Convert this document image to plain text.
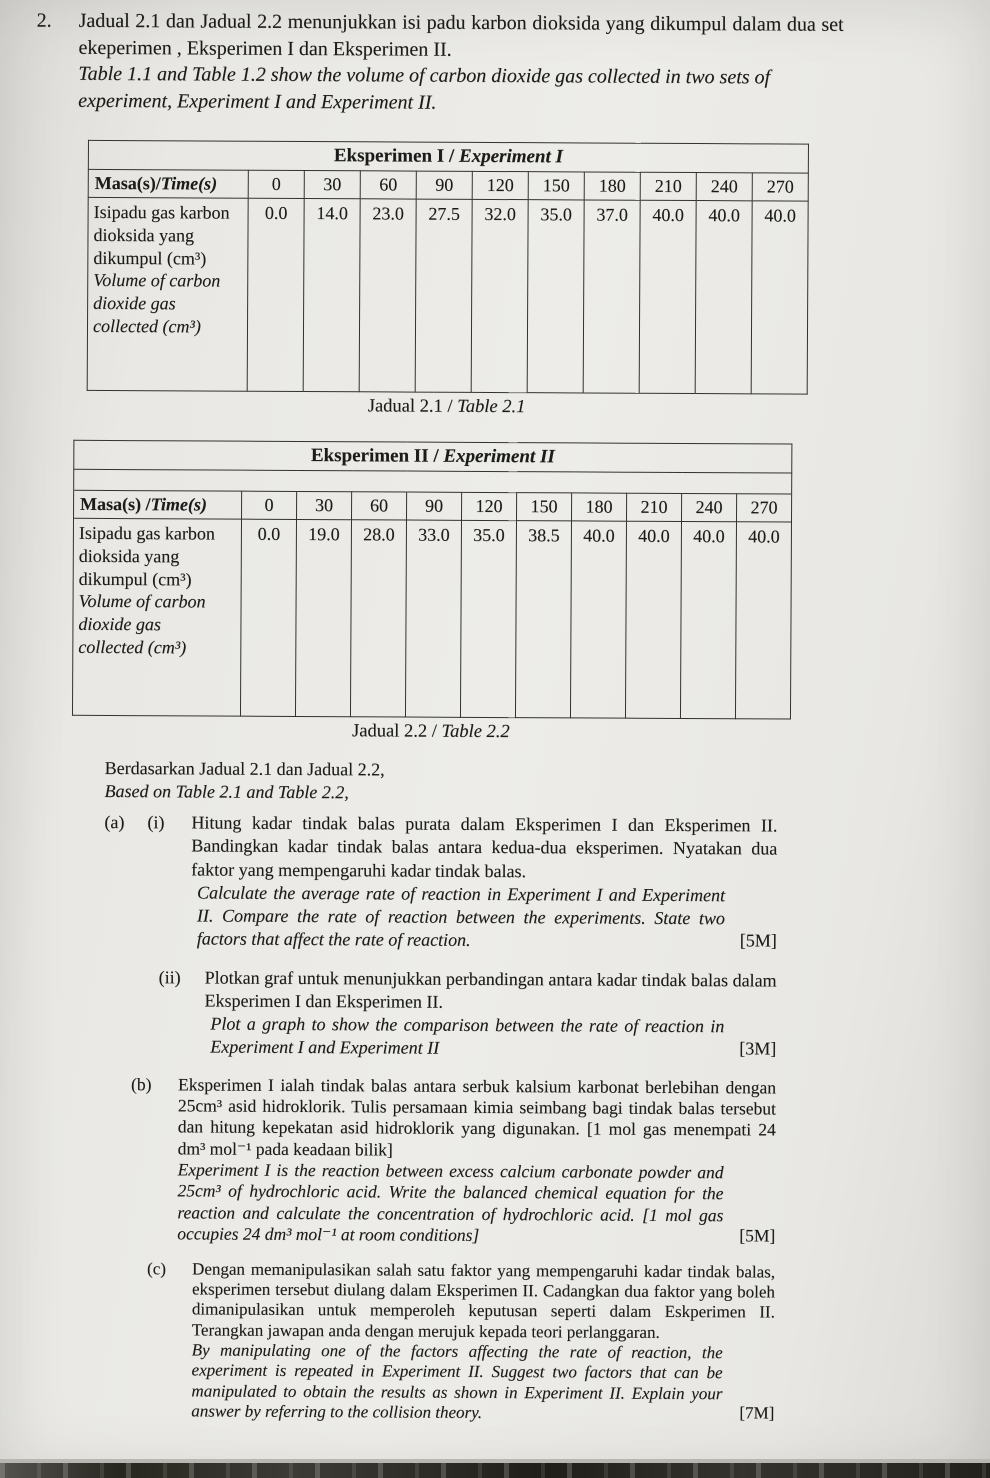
2.	Jadual 2.1 dan Jadual 2.2 menunjukkan isi padu karbon dioksida yang dikumpul dalam dua set ekeperimen , Eksperimen I dan Eksperimen II.
Table 1.1 and Table 1.2 show the volume of carbon dioxide gas collected in two sets of experiment, Experiment I and Experiment II.
Eksperimen I / Experiment I										
Masa(s)/Time(s)	0	30	60	90	120	150	180	210	240	270

Isipadu gas karbon dioksida yang dikumpul (cm³)
Volume of carbon dioxide gas collected (cm³)	0.0	14.0	23.0	27.5	32.0	35.0	37.0	40.0	40.0	40.0
Jadual 2.1 / Table 2.1
Eksperimen II / Experiment II										

Masa(s) /Time(s)	0	30	60	90	120	150	180	210	240	270

Isipadu gas karbon dioksida yang dikumpul (cm³)
Volume of carbon dioxide gas collected (cm³)	0.0	19.0	28.0	33.0	35.0	38.5	40.0	40.0	40.0	40.0
Jadual 2.2 / Table 2.2
Berdasarkan Jadual 2.1 dan Jadual 2.2,
Based on Table 2.1 and Table 2.2,
(a)	(i)	Hitung kadar tindak balas purata dalam Eksperimen I dan Eksperimen II. Bandingkan kadar tindak balas antara kedua-dua eksperimen. Nyatakan dua faktor yang mempengaruhi kadar tindak balas.
Calculate the average rate of reaction in Experiment I and Experiment II. Compare the rate of reaction between the experiments. State two factors that affect the rate of reaction.	[5M]
(ii)	Plotkan graf untuk menunjukkan perbandingan antara kadar tindak balas dalam Eksperimen I dan Eksperimen II.
Plot a graph to show the comparison between the rate of reaction in Experiment I and Experiment II	[3M]
(b)	Eksperimen I ialah tindak balas antara serbuk kalsium karbonat berlebihan dengan 25cm³ asid hidroklorik. Tulis persamaan kimia seimbang bagi tindak balas tersebut dan hitung kepekatan asid hidroklorik yang digunakan. [1 mol gas menempati 24 dm³ mol⁻¹ pada keadaan bilik]
Experiment I is the reaction between excess calcium carbonate powder and 25cm³ of hydrochloric acid. Write the balanced chemical equation for the reaction and calculate the concentration of hydrochloric acid. [1 mol gas occupies 24 dm³ mol⁻¹ at room conditions]	[5M]
(c)	Dengan memanipulasikan salah satu faktor yang mempengaruhi kadar tindak balas, eksperimen tersebut diulang dalam Eksperimen II. Cadangkan dua faktor yang boleh dimanipulasikan untuk memperoleh keputusan seperti dalam Eskperimen II. Terangkan jawapan anda dengan merujuk kepada teori perlanggaran.
By manipulating one of the factors affecting the rate of reaction, the experiment is repeated in Experiment II. Suggest two factors that can be manipulated to obtain the results as shown in Experiment II. Explain your answer by referring to the collision theory.	[7M]
